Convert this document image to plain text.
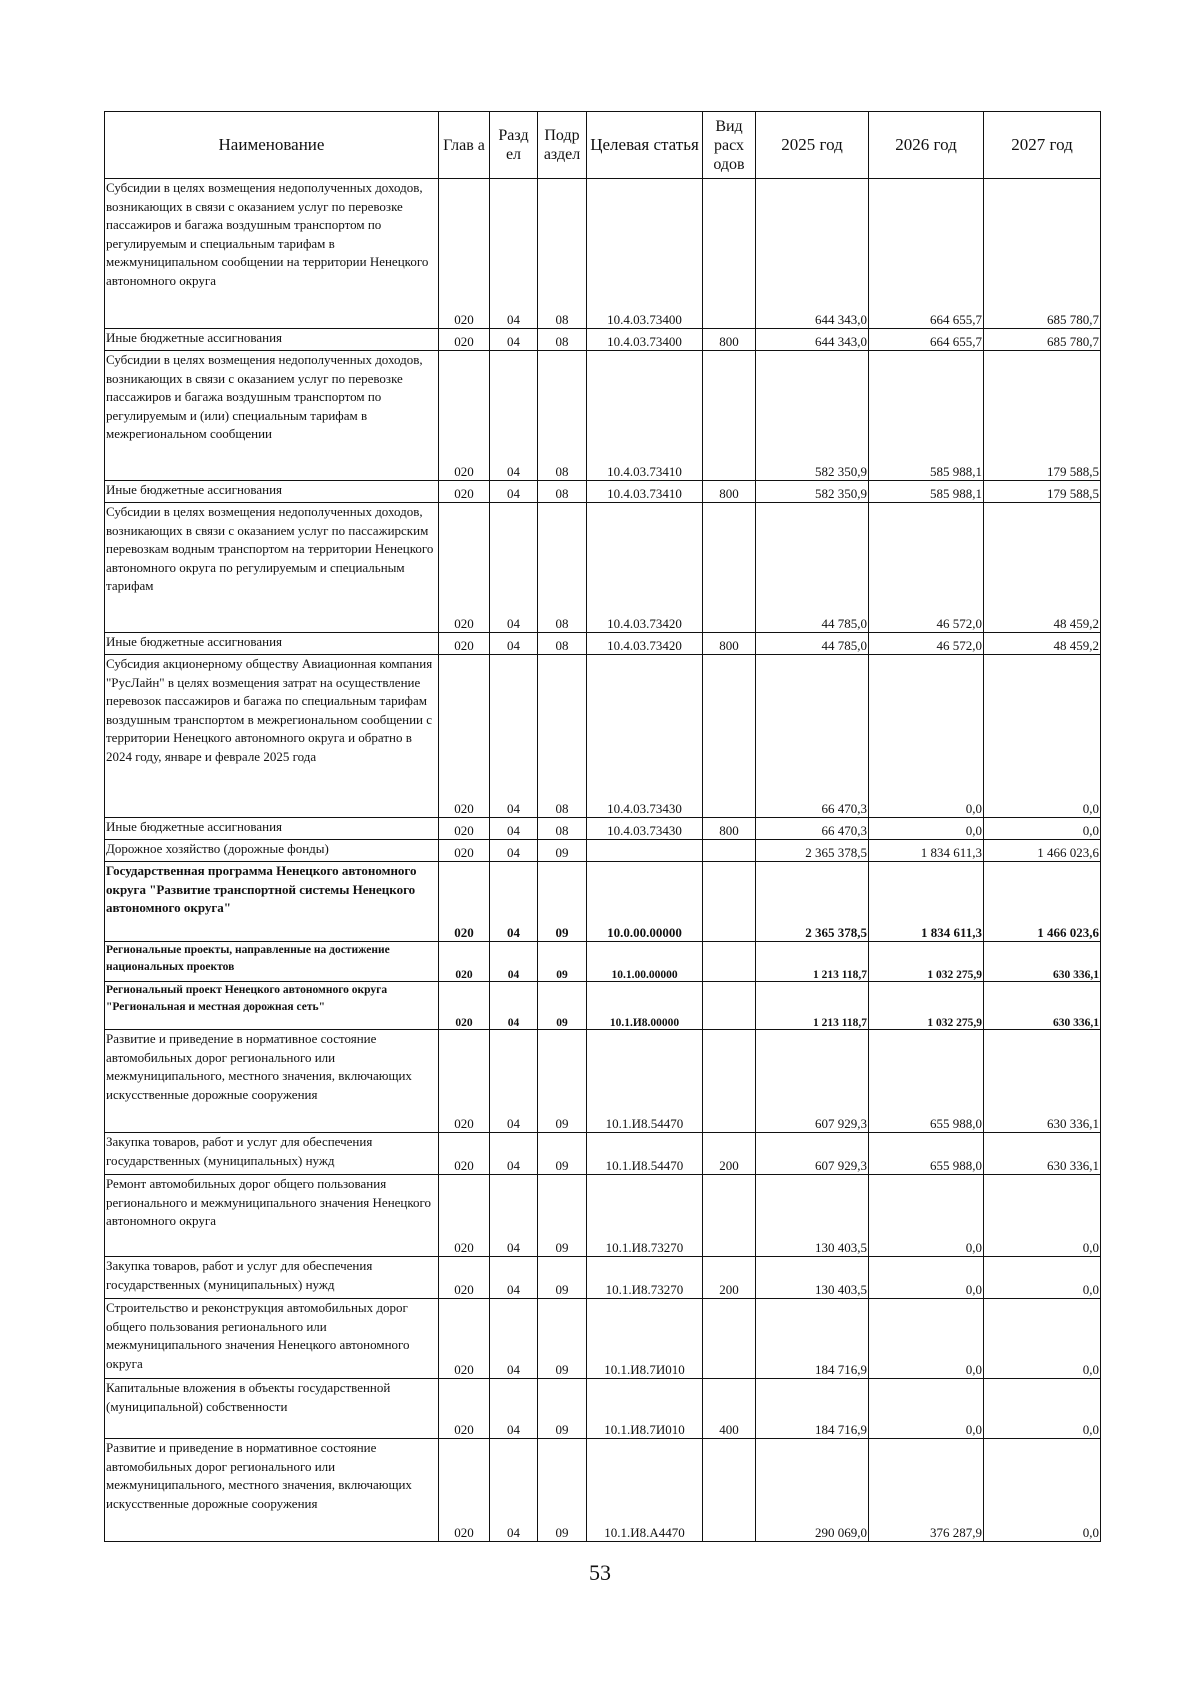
Наименование	Глав а	Разд ел	Подр аздел	Целевая статья	Вид расх одов	2025 год	2026 год	2027 год
Субсидии в целях возмещения недополученных доходов, возникающих в связи с оказанием услуг по перевозке пассажиров и багажа воздушным транспортом по регулируемым и специальным тарифам в межмуниципальном сообщении на территории Ненецкого автономного округа	020	04	08	10.4.03.73400		644 343,0	664 655,7	685 780,7
Иные бюджетные ассигнования	020	04	08	10.4.03.73400	800	644 343,0	664 655,7	685 780,7
Субсидии в целях возмещения недополученных доходов, возникающих в связи с оказанием услуг по перевозке пассажиров и багажа воздушным транспортом по регулируемым и (или) специальным тарифам в межрегиональном сообщении	020	04	08	10.4.03.73410		582 350,9	585 988,1	179 588,5
Иные бюджетные ассигнования	020	04	08	10.4.03.73410	800	582 350,9	585 988,1	179 588,5
Субсидии в целях возмещения недополученных доходов, возникающих в связи с оказанием услуг по пассажирским перевозкам водным транспортом на территории Ненецкого автономного округа по регулируемым и специальным тарифам	020	04	08	10.4.03.73420		44 785,0	46 572,0	48 459,2
Иные бюджетные ассигнования	020	04	08	10.4.03.73420	800	44 785,0	46 572,0	48 459,2
Субсидия акционерному обществу Авиационная компания "РусЛайн" в целях возмещения затрат на осуществление перевозок пассажиров и багажа по специальным тарифам воздушным транспортом в межрегиональном сообщении с территории Ненецкого автономного округа и обратно в 2024 году, январе и феврале 2025 года	020	04	08	10.4.03.73430		66 470,3	0,0	0,0
Иные бюджетные ассигнования	020	04	08	10.4.03.73430	800	66 470,3	0,0	0,0
Дорожное хозяйство (дорожные фонды)	020	04	09			2 365 378,5	1 834 611,3	1 466 023,6
Государственная программа Ненецкого автономного округа "Развитие транспортной системы Ненецкого автономного округа"	020	04	09	10.0.00.00000		2 365 378,5	1 834 611,3	1 466 023,6
Региональные проекты, направленные на достижение национальных проектов	020	04	09	10.1.00.00000		1 213 118,7	1 032 275,9	630 336,1
Региональный проект Ненецкого автономного округа "Региональная и местная дорожная сеть"	020	04	09	10.1.И8.00000		1 213 118,7	1 032 275,9	630 336,1
Развитие и приведение в нормативное состояние автомобильных дорог регионального или межмуниципального, местного значения, включающих искусственные дорожные сооружения	020	04	09	10.1.И8.54470		607 929,3	655 988,0	630 336,1
Закупка товаров, работ и услуг для обеспечения государственных (муниципальных) нужд	020	04	09	10.1.И8.54470	200	607 929,3	655 988,0	630 336,1
Ремонт автомобильных дорог общего пользования регионального и межмуниципального значения Ненецкого автономного округа	020	04	09	10.1.И8.73270		130 403,5	0,0	0,0
Закупка товаров, работ и услуг для обеспечения государственных (муниципальных) нужд	020	04	09	10.1.И8.73270	200	130 403,5	0,0	0,0
Строительство и реконструкция автомобильных дорог общего пользования регионального или межмуниципального значения Ненецкого автономного округа	020	04	09	10.1.И8.7И010		184 716,9	0,0	0,0
Капитальные вложения в объекты государственной (муниципальной) собственности	020	04	09	10.1.И8.7И010	400	184 716,9	0,0	0,0
Развитие и приведение в нормативное состояние автомобильных дорог регионального или межмуниципального, местного значения, включающих искусственные дорожные сооружения	020	04	09	10.1.И8.А4470		290 069,0	376 287,9	0,0
53
